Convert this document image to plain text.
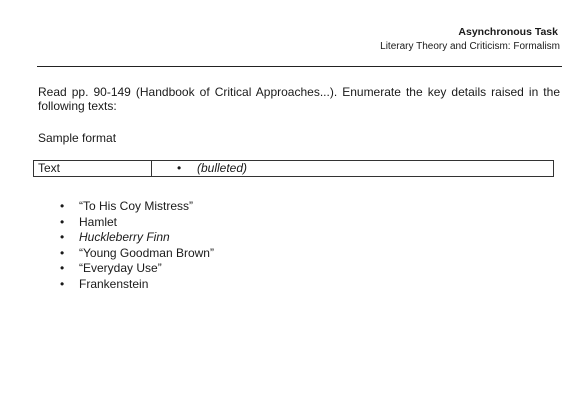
Asynchronous Task
Literary Theory and Criticism: Formalism
Read pp. 90-149 (Handbook of Critical Approaches...). Enumerate the key details raised in the following texts:
Sample format
Text	• (bulleted)
•	“To His Coy Mistress”
•	Hamlet
•	Huckleberry Finn
•	“Young Goodman Brown”
•	“Everyday Use”
•	Frankenstein
